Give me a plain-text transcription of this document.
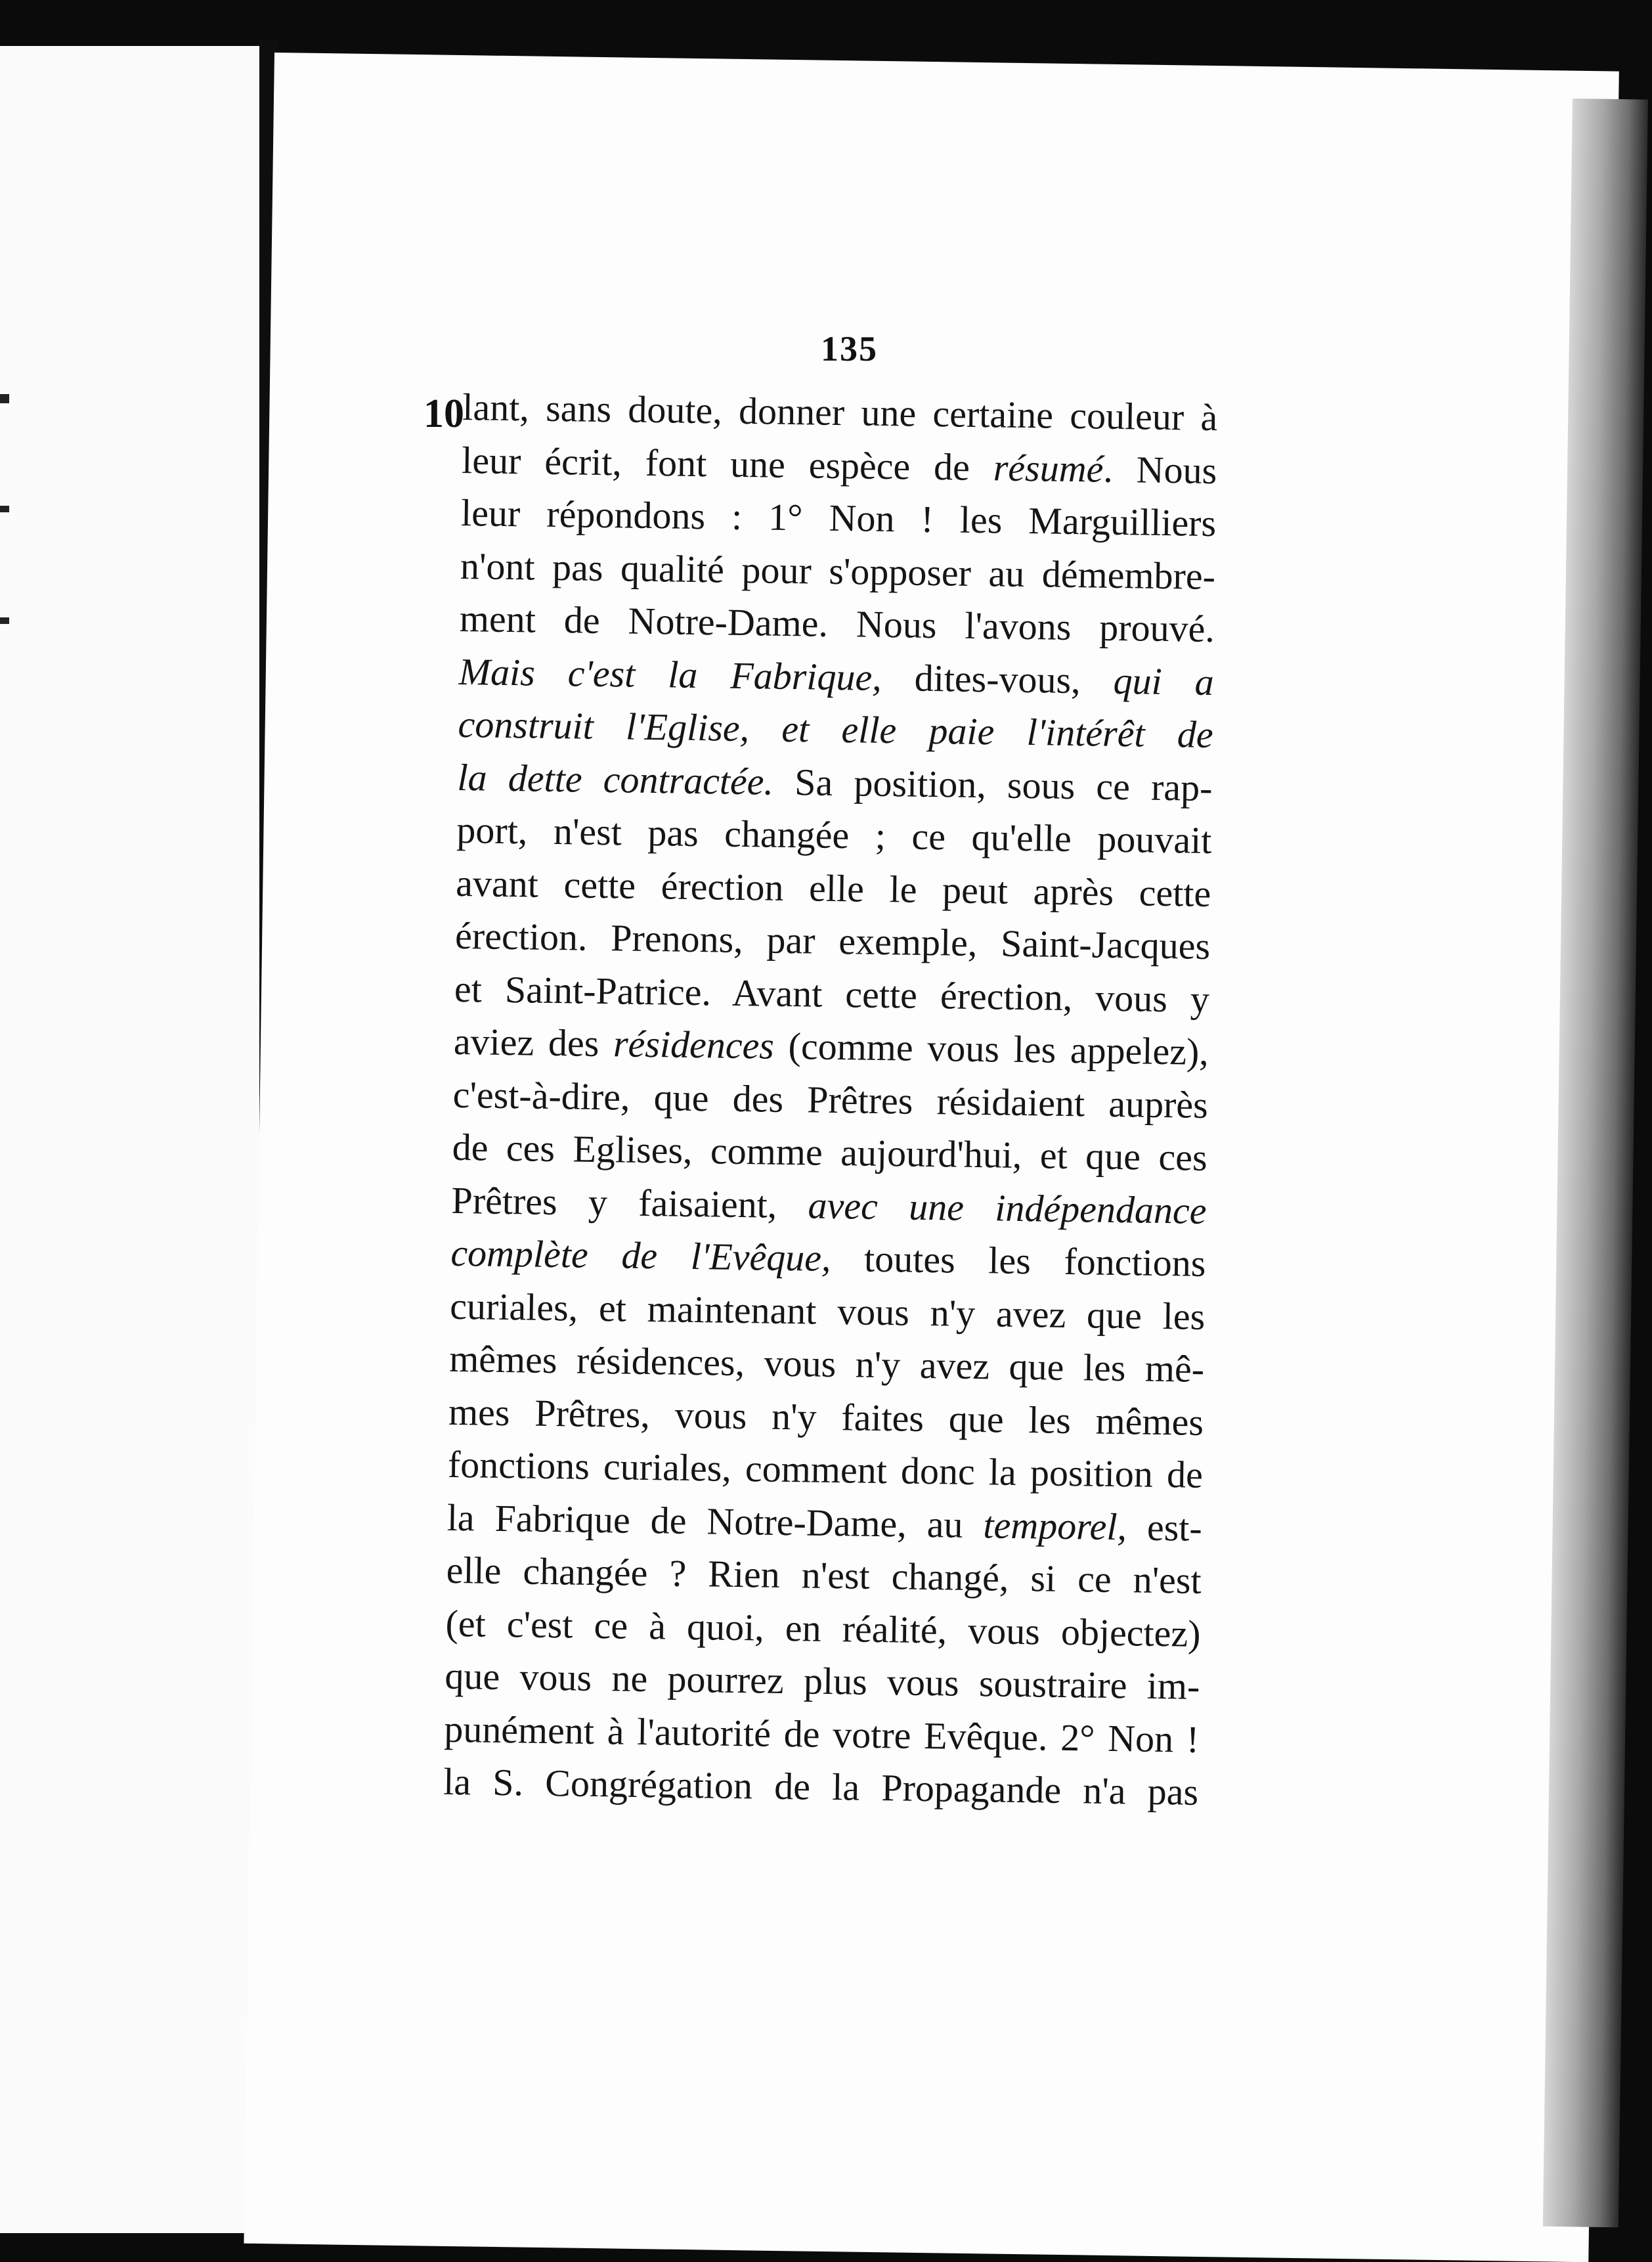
135
10
lant, sans doute, donner une certaine couleur à
leur écrit, font une espèce de résumé. Nous
leur répondons : 1° Non ! les Marguilliers
n'ont pas qualité pour s'opposer au démembre-
ment de Notre-Dame. Nous l'avons prouvé.
Mais c'est la Fabrique, dites-vous, qui a
construit l'Eglise, et elle paie l'intérêt de
la dette contractée. Sa position, sous ce rap-
port, n'est pas changée ; ce qu'elle pouvait
avant cette érection elle le peut après cette
érection. Prenons, par exemple, Saint-Jacques
et Saint-Patrice. Avant cette érection, vous y
aviez des résidences (comme vous les appelez),
c'est-à-dire, que des Prêtres résidaient auprès
de ces Eglises, comme aujourd'hui, et que ces
Prêtres y faisaient, avec une indépendance
complète de l'Evêque, toutes les fonctions
curiales, et maintenant vous n'y avez que les
mêmes résidences, vous n'y avez que les mê-
mes Prêtres, vous n'y faites que les mêmes
fonctions curiales, comment donc la position de
la Fabrique de Notre-Dame, au temporel, est-
elle changée ? Rien n'est changé, si ce n'est
(et c'est ce à quoi, en réalité, vous objectez)
que vous ne pourrez plus vous soustraire im-
punément à l'autorité de votre Evêque. 2° Non !
la S. Congrégation de la Propagande n'a pas
